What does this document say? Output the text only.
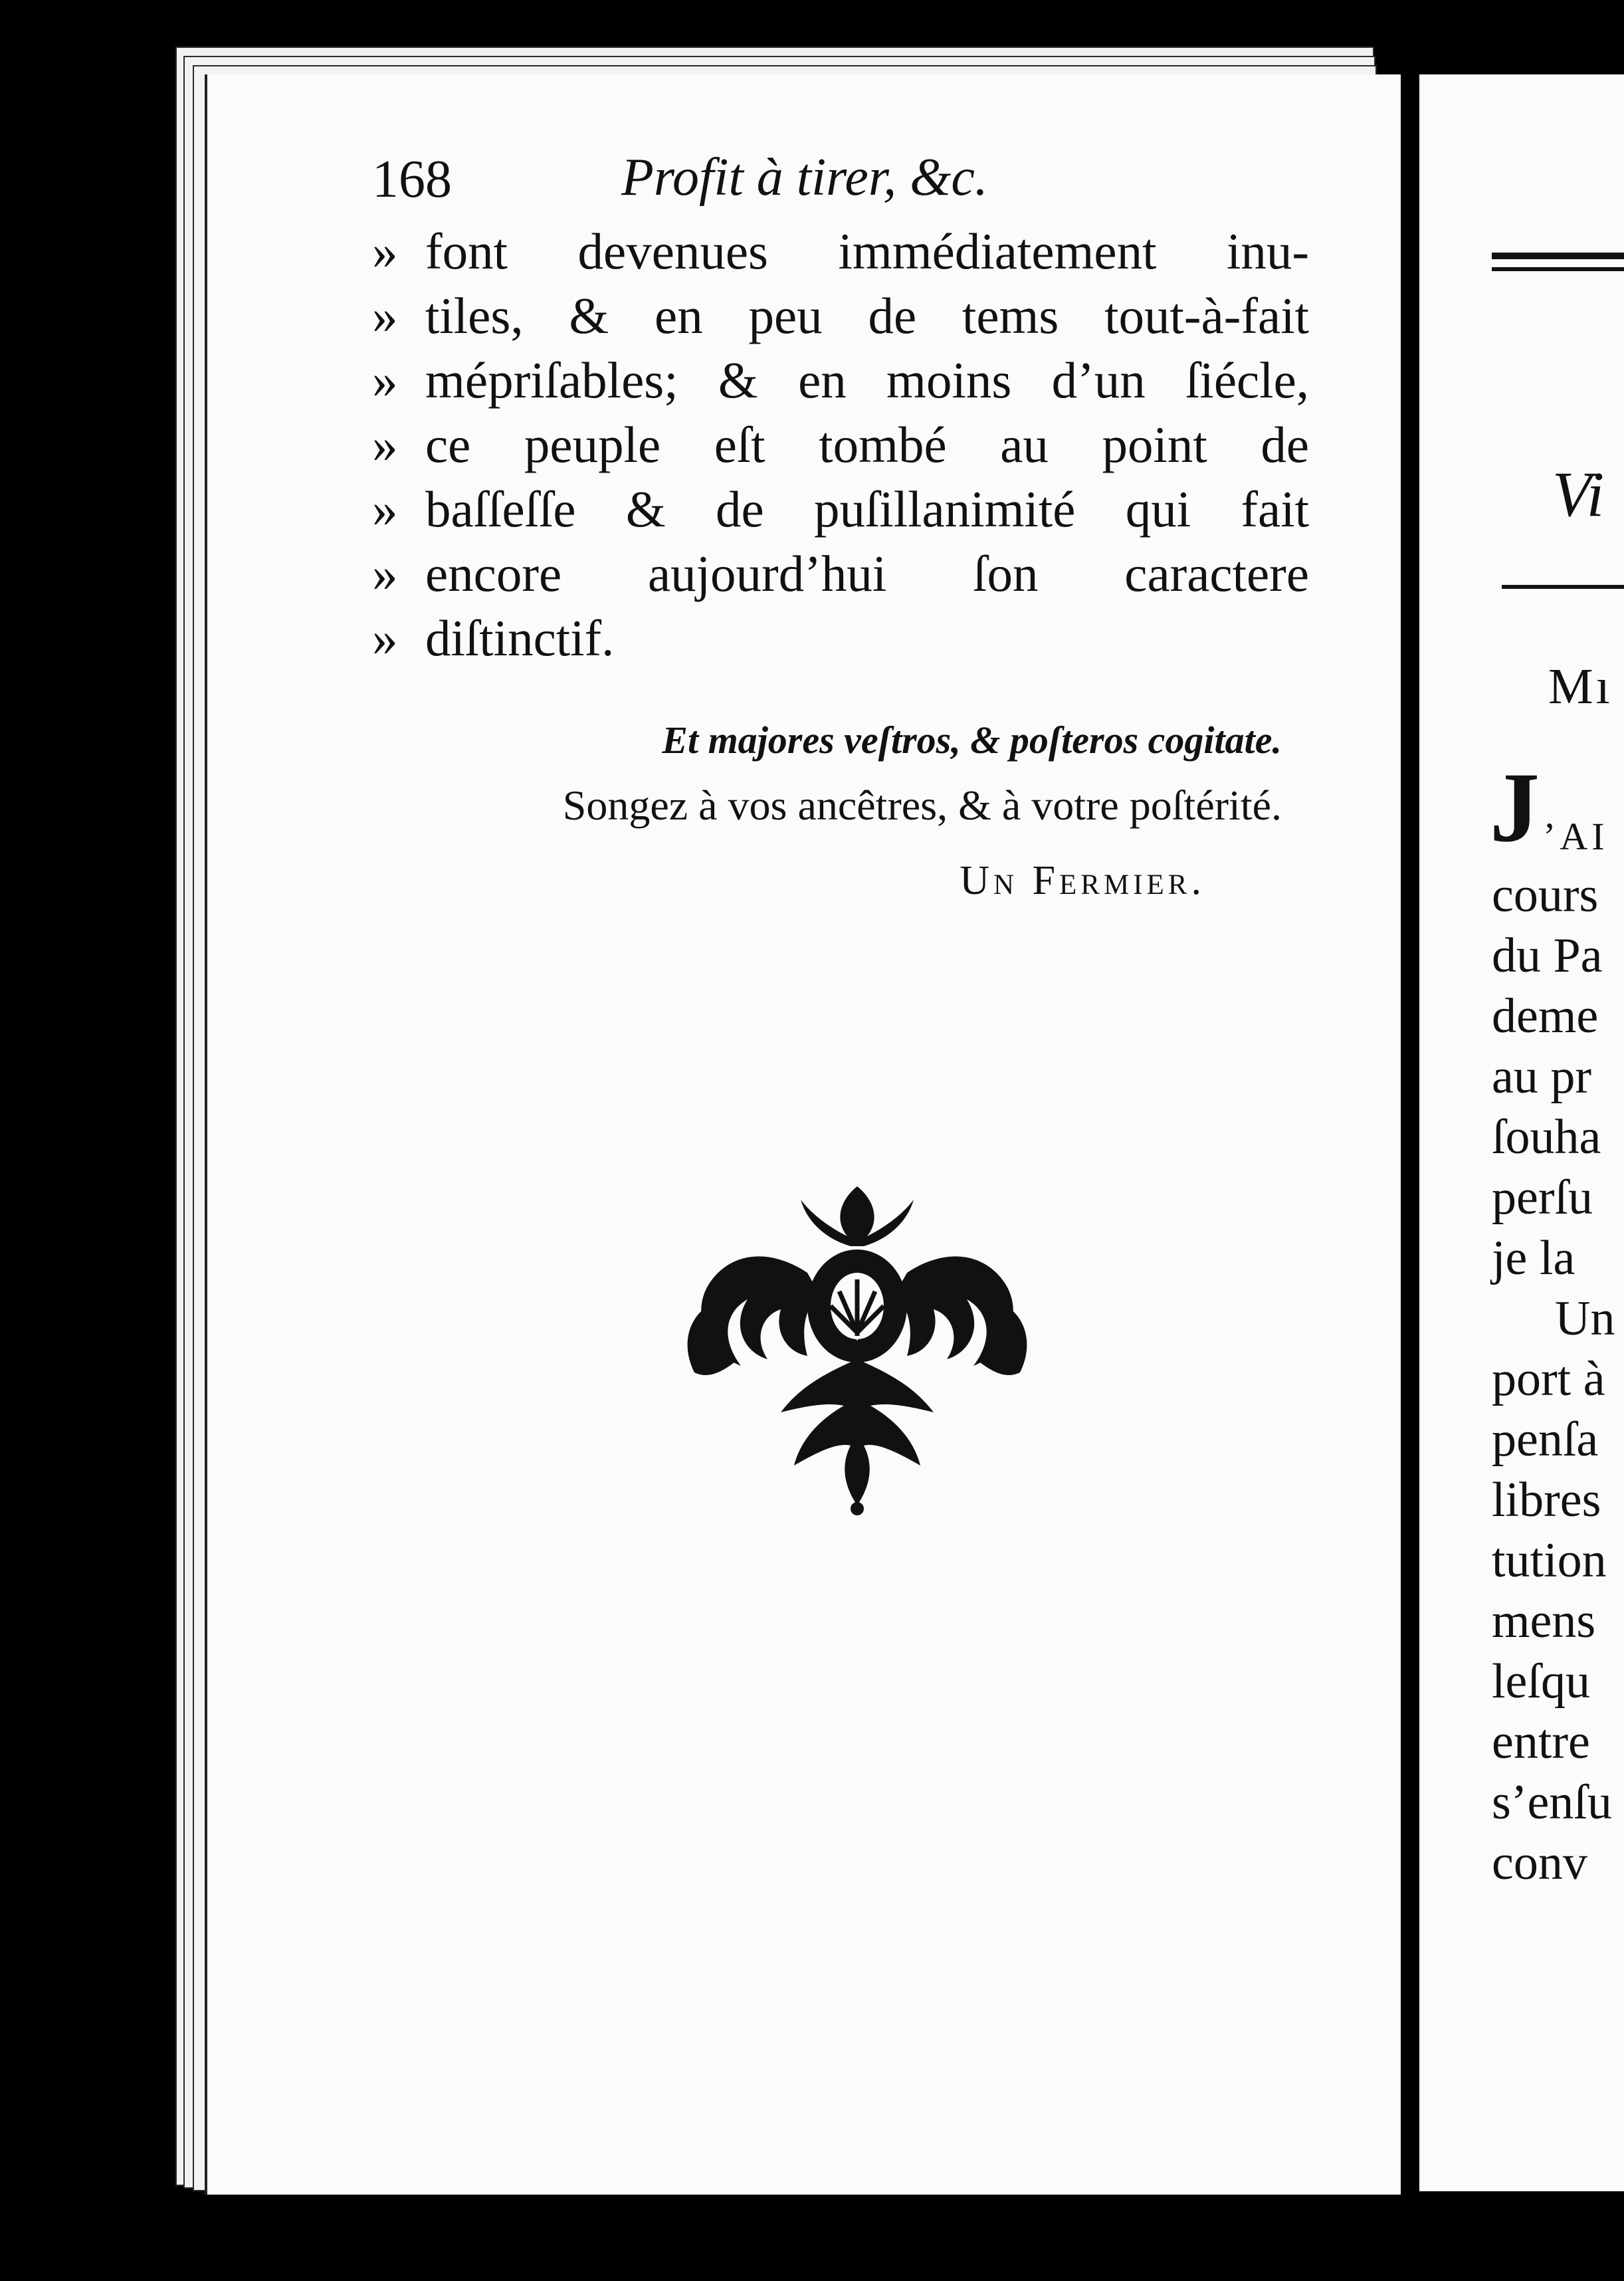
168	Profit à tirer, &c.
» font devenues immédiatement inu-
» tiles, & en peu de tems tout-à-fait
» mépriſables; & en moins d’un ſiécle,
» ce peuple eſt tombé au point de
» baſſeſſe & de puſillanimité qui fait
» encore aujourd’hui ſon caractere
» diſtinctif.
Et majores veſtros, & poſteros cogitate.
Songez à vos ancêtres, & à votre poſtérité.
Un Fermier.
Vi
Mı
J ’AI
cours
du Pa
deme
au pr
ſouha
perſu
je la
Un
port à
penſa
libres
tution
mens
leſqu
entre
s’enſu
conv
